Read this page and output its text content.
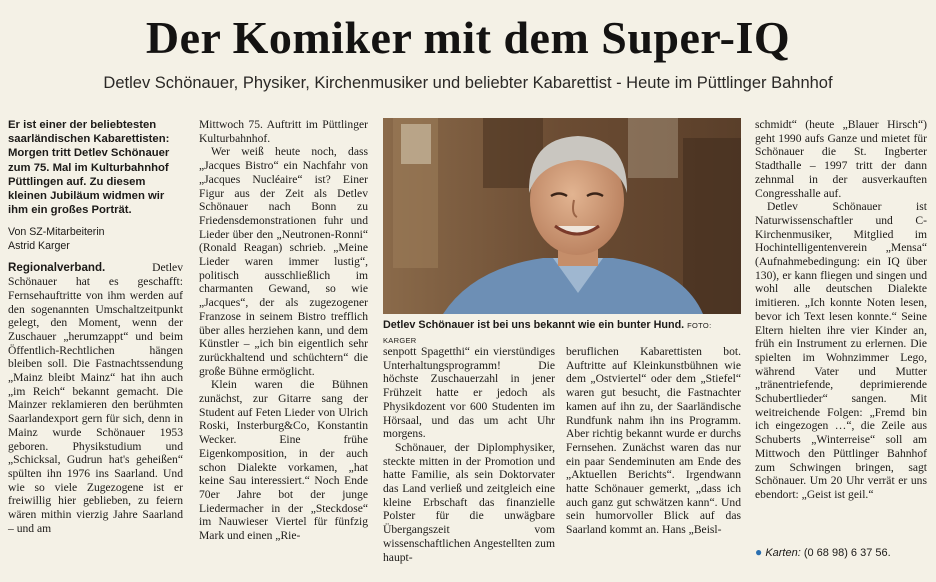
Der Komiker mit dem Super-IQ
Detlev Schönauer, Physiker, Kirchenmusiker und beliebter Kabarettist - Heute im Püttlinger Bahnhof
Er ist einer der beliebtesten saarländischen Kabarettisten: Morgen tritt Detlev Schönauer zum 75. Mal im Kulturbahnhof Püttlingen auf. Zu diesem kleinen Jubiläum widmen wir ihm ein großes Porträt.
Von SZ-Mitarbeiterin
Astrid Karger

Regionalverband.	Detlev Schönauer hat es geschafft: Fernsehauftritte von ihm werden auf den sogenannten Umschaltzeitpunkt gelegt, den Moment, wenn der Zuschauer „herumzappt“ und beim Öffentlich-Rechtlichen hängen bleiben soll. Die Fastnachtssendung „Mainz bleibt Mainz“ hat ihn auch „im Reich“ bekannt gemacht. Die Mainzer reklamieren den berühmten Saarlandexport gern für sich, denn in Mainz wurde Schönauer 1953 geboren. Physikstudium und „Schicksal, Gudrun hat's geheißen“ spülten ihn 1976 ins Saarland. Und wie so viele Zugezogene ist er freiwillig hier geblieben, zu feiern wären mithin vierzig Jahre Saarland – und am

Mittwoch 75. Auftritt im Püttlinger Kulturbahnhof.

Wer weiß heute noch, dass „Jacques Bistro“ ein Nachfahr von „Jacques Nucléaire“ ist? Einer Figur aus der Zeit als Detlev Schönauer nach Bonn zu Friedensdemonstrationen fuhr und Lieder über den „Neutronen-Ronni“ (Ronald Reagan) schrieb. „Meine Lieder waren immer lustig“, politisch ausschließlich im charmanten Gewand, so wie „Jacques“, der als zugezogener Franzose in seinem Bistro trefflich über alles herziehen kann, und dem Künstler – „ich bin eigentlich sehr zurückhaltend und schüchtern“ die große Bühne ermöglicht.

Klein waren die Bühnen zunächst, zur Gitarre sang der Student auf Feten Lieder von Ulrich Roski, Insterburg&Co, Konstantin Wecker. Eine frühe Eigenkomposition, in der auch schon Dialekte vorkamen, „hat keine Sau interessiert.“ Noch Ende 70er Jahre bot der junge Liedermacher in der „Steckdose“ im Nauwieser Viertel für fünfzig Mark und einen „Rie-

Detlev Schönauer ist bei uns bekannt wie ein bunter Hund. FOTO: KARGER

senpott Spagetthi“ ein vierstündiges Unterhaltungsprogramm! Die höchste Zuschauerzahl in jener Frühzeit hatte er jedoch als Physikdozent vor 600 Studenten im Hörsaal, und das um acht Uhr morgens.

Schönauer, der Diplomphysiker, steckte mitten in der Promotion und hatte Familie, als sein Doktorvater das Land verließ und zeitgleich eine kleine Erbschaft das finanzielle Polster für die unwägbare Übergangszeit vom wissenschaftlichen Angestellten zum haupt-

beruflichen Kabarettisten bot. Auftritte auf Kleinkunstbühnen wie dem „Ostviertel“ oder dem „Stiefel“ waren gut besucht, die Fastnachter kamen auf ihn zu, der Saarländische Rundfunk nahm ihn ins Programm. Aber richtig bekannt wurde er durchs Fernsehen. Zunächst waren das nur ein paar Sendeminuten am Ende des „Aktuellen Berichts“. Irgendwann hatte Schönauer gemerkt, „dass ich auch ganz gut schwätzen kann“. Und sein humorvoller Blick auf das Saarland kommt an. Hans „Beisl-

schmidt“ (heute „Blauer Hirsch“) geht 1990 aufs Ganze und mietet für Schönauer die St. Ingberter Stadthalle – 1997 tritt der dann zehnmal in der ausverkauften Congresshalle auf.

Detlev Schönauer ist Naturwissenschaftler und C-Kirchenmusiker, Mitglied im Hochintelligentenverein „Mensa“ (Aufnahmebedingung: ein IQ über 130), er kann fliegen und singen und wohl alle deutschen Dialekte imitieren. „Ich konnte Noten lesen, bevor ich Text lesen konnte.“ Seine Eltern hielten ihre vier Kinder an, früh ein Instrument zu erlernen. Die spielten im Wohnzimmer Lego, während Vater und Mutter „tränentriefende, deprimierende Schubertlieder“ sangen. Mit weitreichende Folgen: „Fremd bin ich eingezogen …“, die Zeile aus Schuberts „Winterreise“ soll am Mittwoch den Püttlinger Bahnhof zum Schwingen bringen, sagt Schönauer. Um 20 Uhr verrät er uns ebendort: „Geist ist geil.“

● Karten: (0 68 98) 6 37 56.
